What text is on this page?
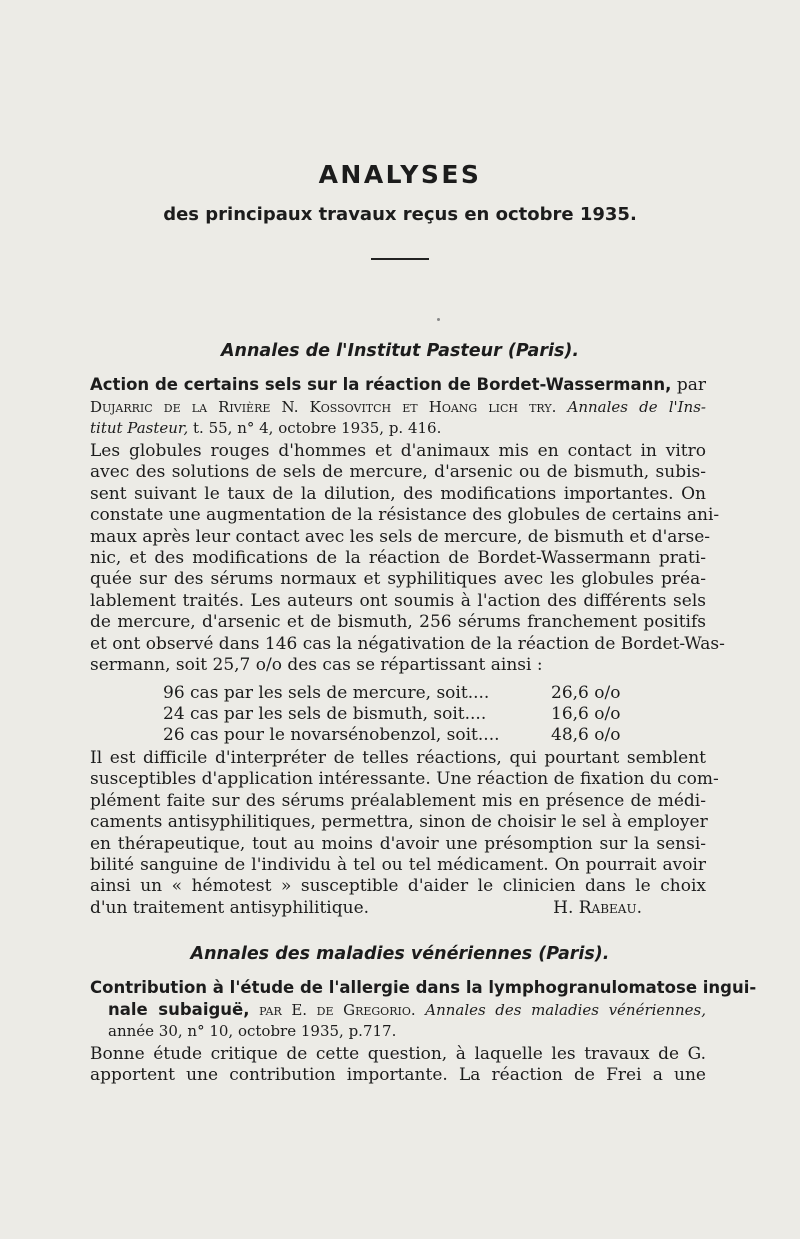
ANALYSES
des principaux travaux reçus en octobre 1935.
Annales de l'Institut Pasteur (Paris).
Action de certains sels sur la réaction de Bordet-Wassermann, par
Dujarric de la Rivière N. Kossovitch et Hoang lich try. Annales de l'Ins-
titut Pasteur, t. 55, n° 4, octobre 1935, p. 416.
Les globules rouges d'hommes et d'animaux mis en contact in vitro
avec des solutions de sels de mercure, d'arsenic ou de bismuth, subis-
sent suivant le taux de la dilution, des modifications importantes. On
constate une augmentation de la résistance des globules de certains ani-
maux après leur contact avec les sels de mercure, de bismuth et d'arse-
nic, et des modifications de la réaction de Bordet-Wassermann prati-
quée sur des sérums normaux et syphilitiques avec les globules préa-
lablement traités. Les auteurs ont soumis à l'action des différents sels
de mercure, d'arsenic et de bismuth, 256 sérums franchement positifs
et ont observé dans 146 cas la négativation de la réaction de Bordet-Was-
sermann, soit 25,7 o/o des cas se répartissant ainsi :
96 cas par les sels de mercure, soit....	26,6 o/o
24 cas par les sels de bismuth, soit....	16,6 o/o
26 cas pour le novarsénobenzol, soit....	48,6 o/o
Il est difficile d'interpréter de telles réactions, qui pourtant semblent
susceptibles d'application intéressante. Une réaction de fixation du com-
plément faite sur des sérums préalablement mis en présence de médi-
caments antisyphilitiques, permettra, sinon de choisir le sel à employer
en thérapeutique, tout au moins d'avoir une présomption sur la sensi-
bilité sanguine de l'individu à tel ou tel médicament. On pourrait avoir
ainsi un « hémotest » susceptible d'aider le clinicien dans le choix
d'un traitement antisyphilitique.	H. Rabeau.
Annales des maladies vénériennes (Paris).
Contribution à l'étude de l'allergie dans la lymphogranulomatose ingui-
nale subaiguë, par E. de Gregorio. Annales des maladies vénériennes,
année 30, n° 10, octobre 1935, p.717.
Bonne étude critique de cette question, à laquelle les travaux de G.
apportent une contribution importante. La réaction de Frei a une
